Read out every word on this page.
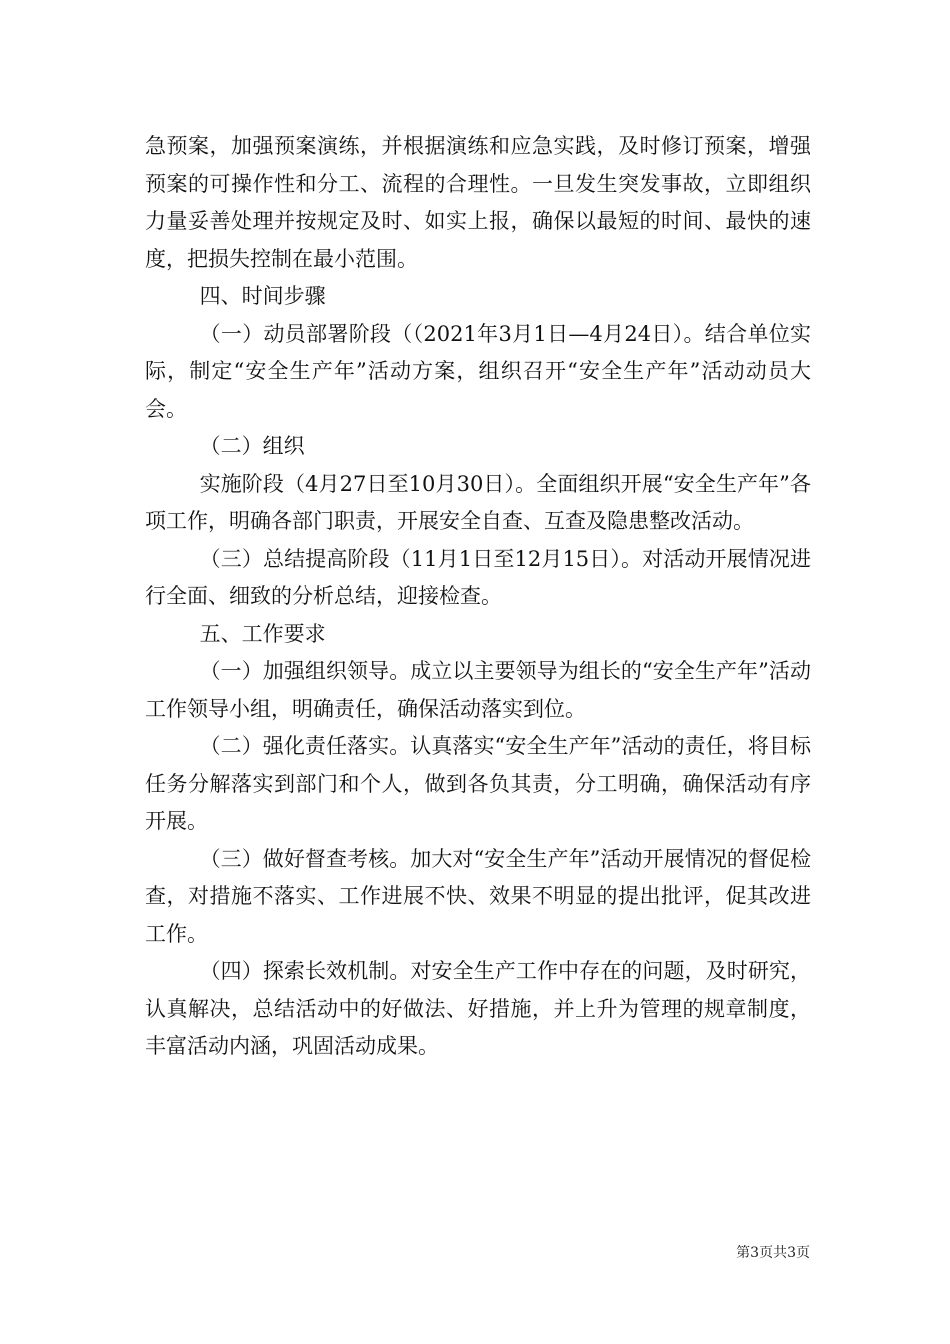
急预案，加强预案演练，并根据演练和应急实践，及时修订预案，增强预案的可操作性和分工、流程的合理性。一旦发生突发事故，立即组织力量妥善处理并按规定及时、如实上报，确保以最短的时间、最快的速度，把损失控制在最小范围。

四、时间步骤

（一）动员部署阶段（（2021年3月1日—4月24日）。结合单位实际，制定“安全生产年”活动方案，组织召开“安全生产年”活动动员大会。

（二）组织

实施阶段（4月27日至10月30日）。全面组织开展“安全生产年”各项工作，明确各部门职责，开展安全自查、互查及隐患整改活动。

（三）总结提高阶段（11月1日至12月15日）。对活动开展情况进行全面、细致的分析总结，迎接检查。

五、工作要求

（一）加强组织领导。成立以主要领导为组长的“安全生产年”活动工作领导小组，明确责任，确保活动落实到位。

（二）强化责任落实。认真落实“安全生产年”活动的责任，将目标任务分解落实到部门和个人，做到各负其责，分工明确，确保活动有序开展。

（三）做好督查考核。加大对“安全生产年”活动开展情况的督促检查，对措施不落实、工作进展不快、效果不明显的提出批评，促其改进工作。

（四）探索长效机制。对安全生产工作中存在的问题，及时研究，认真解决，总结活动中的好做法、好措施，并上升为管理的规章制度，丰富活动内涵，巩固活动成果。

第3页共3页
